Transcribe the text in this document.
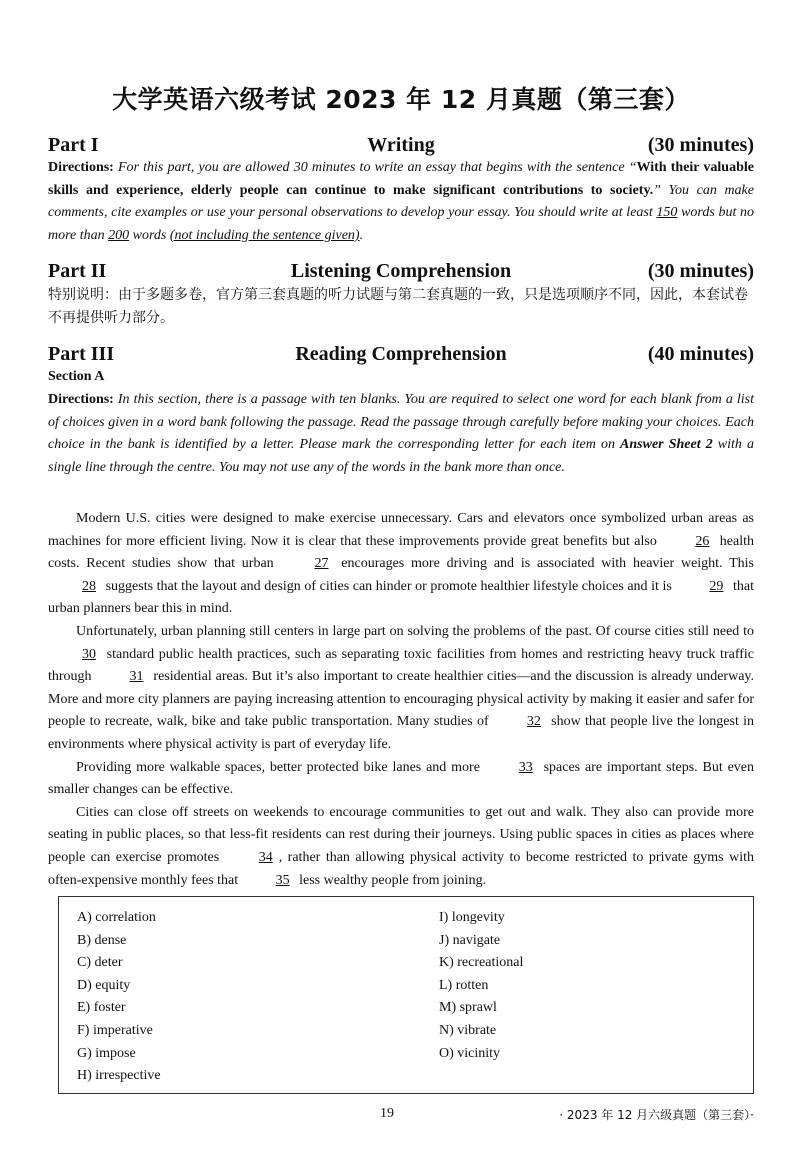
大学英语六级考试 2023 年 12 月真题（第三套）
Part I	Writing	(30 minutes)
Directions: For this part, you are allowed 30 minutes to write an essay that begins with the sentence “With their valuable skills and experience, elderly people can continue to make significant contributions to society.” You can make comments, cite examples or use your personal observations to develop your essay. You should write at least 150 words but no more than 200 words (not including the sentence given).
Part II	Listening Comprehension	(30 minutes)
特别说明：由于多题多卷，官方第三套真题的听力试题与第二套真题的一致，只是选项顺序不同，因此，本套试卷不再提供听力部分。
Part III	Reading Comprehension	(40 minutes)
Section A
Directions: In this section, there is a passage with ten blanks. You are required to select one word for each blank from a list of choices given in a word bank following the passage. Read the passage through carefully before making your choices. Each choice in the bank is identified by a letter. Please mark the corresponding letter for each item on Answer Sheet 2 with a single line through the centre. You may not use any of the words in the bank more than once.

Modern U.S. cities were designed to make exercise unnecessary. Cars and elevators once symbolized urban areas as machines for more efficient living. Now it is clear that these improvements provide great benefits but also 26 health costs. Recent studies show that urban 27 encourages more driving and is associated with heavier weight. This 28 suggests that the layout and design of cities can hinder or promote healthier lifestyle choices and it is 29 that urban planners bear this in mind.

Unfortunately, urban planning still centers in large part on solving the problems of the past. Of course cities still need to 30 standard public health practices, such as separating toxic facilities from homes and restricting heavy truck traffic through 31 residential areas. But it’s also important to create healthier cities—and the discussion is already underway. More and more city planners are paying increasing attention to encouraging physical activity by making it easier and safer for people to recreate, walk, bike and take public transportation. Many studies of 32 show that people live the longest in environments where physical activity is part of everyday life.

Providing more walkable spaces, better protected bike lanes and more 33 spaces are important steps. But even smaller changes can be effective.

Cities can close off streets on weekends to encourage communities to get out and walk. They also can provide more seating in public places, so that less-fit residents can rest during their journeys. Using public spaces in cities as places where people can exercise promotes 34 , rather than allowing physical activity to become restricted to private gyms with often-expensive monthly fees that 35 less wealthy people from joining.

A) correlation
B) dense
C) deter
D) equity
E) foster
F) imperative
G) impose
H) irrespective
I) longevity
J) navigate
K) recreational
L) rotten
M) sprawl
N) vibrate
O) vicinity
19	· 2023 年 12 月六级真题（第三套）·
